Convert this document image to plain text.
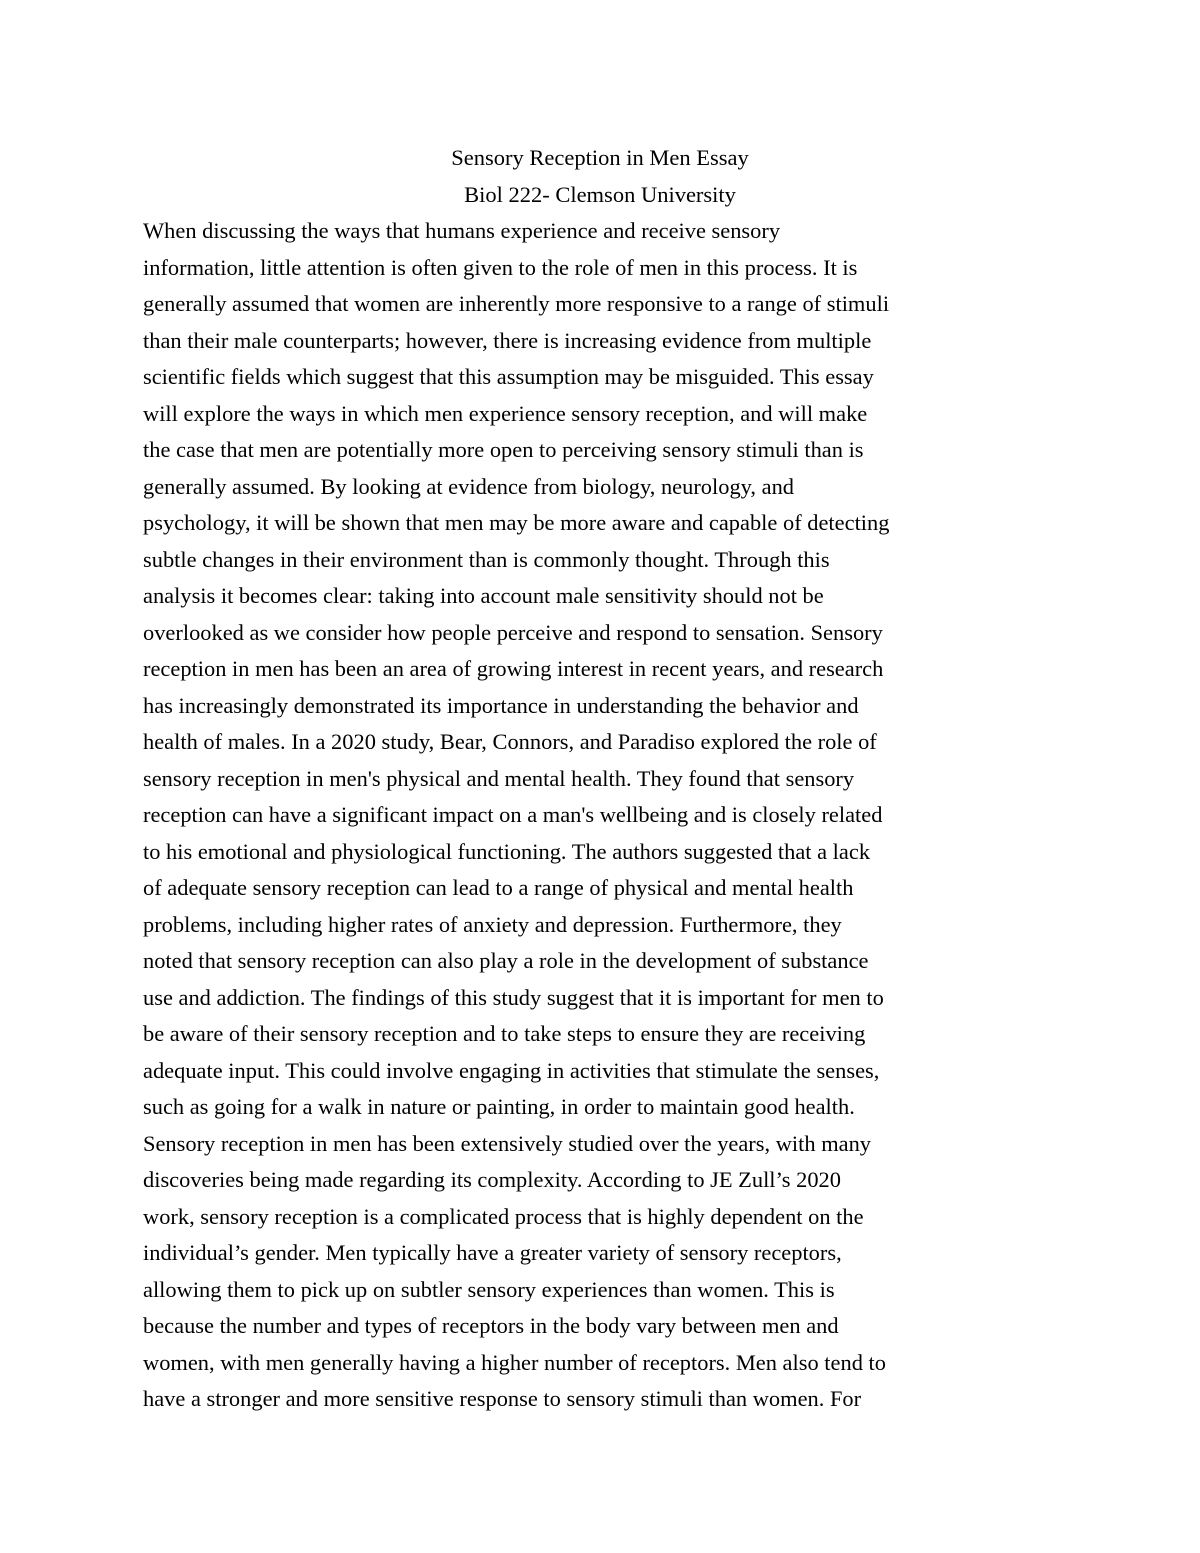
Sensory Reception in Men Essay
Biol 222- Clemson University
When discussing the ways that humans experience and receive sensory
information, little attention is often given to the role of men in this process. It is
generally assumed that women are inherently more responsive to a range of stimuli
than their male counterparts; however, there is increasing evidence from multiple
scientific fields which suggest that this assumption may be misguided. This essay
will explore the ways in which men experience sensory reception, and will make
the case that men are potentially more open to perceiving sensory stimuli than is
generally assumed. By looking at evidence from biology, neurology, and
psychology, it will be shown that men may be more aware and capable of detecting
subtle changes in their environment than is commonly thought. Through this
analysis it becomes clear: taking into account male sensitivity should not be
overlooked as we consider how people perceive and respond to sensation. Sensory
reception in men has been an area of growing interest in recent years, and research
has increasingly demonstrated its importance in understanding the behavior and
health of males. In a 2020 study, Bear, Connors, and Paradiso explored the role of
sensory reception in men's physical and mental health. They found that sensory
reception can have a significant impact on a man's wellbeing and is closely related
to his emotional and physiological functioning. The authors suggested that a lack
of adequate sensory reception can lead to a range of physical and mental health
problems, including higher rates of anxiety and depression. Furthermore, they
noted that sensory reception can also play a role in the development of substance
use and addiction. The findings of this study suggest that it is important for men to
be aware of their sensory reception and to take steps to ensure they are receiving
adequate input. This could involve engaging in activities that stimulate the senses,
such as going for a walk in nature or painting, in order to maintain good health.
Sensory reception in men has been extensively studied over the years, with many
discoveries being made regarding its complexity. According to JE Zull’s 2020
work, sensory reception is a complicated process that is highly dependent on the
individual’s gender. Men typically have a greater variety of sensory receptors,
allowing them to pick up on subtler sensory experiences than women. This is
because the number and types of receptors in the body vary between men and
women, with men generally having a higher number of receptors. Men also tend to
have a stronger and more sensitive response to sensory stimuli than women. For
